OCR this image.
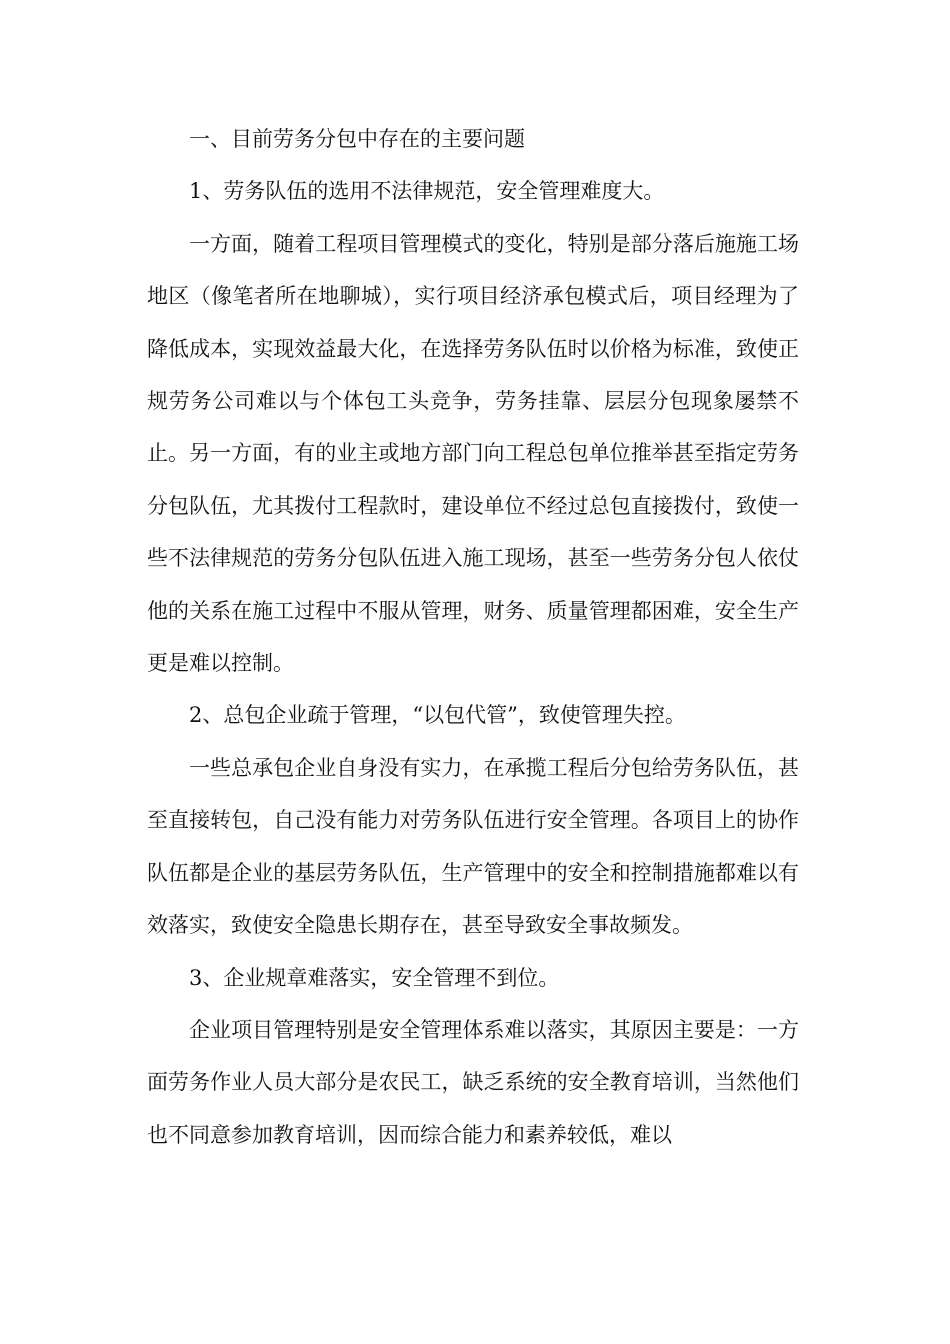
一、目前劳务分包中存在的主要问题

1、劳务队伍的选用不法律规范，安全管理难度大。

一方面，随着工程项目管理模式的变化，特别是部分落后施施工场地区（像笔者所在地聊城），实行项目经济承包模式后，项目经理为了降低成本，实现效益最大化，在选择劳务队伍时以价格为标准，致使正规劳务公司难以与个体包工头竞争，劳务挂靠、层层分包现象屡禁不止。另一方面，有的业主或地方部门向工程总包单位推举甚至指定劳务分包队伍，尤其拨付工程款时，建设单位不经过总包直接拨付，致使一些不法律规范的劳务分包队伍进入施工现场，甚至一些劳务分包人依仗他的关系在施工过程中不服从管理，财务、质量管理都困难，安全生产更是难以控制。

2、总包企业疏于管理，“以包代管”，致使管理失控。

一些总承包企业自身没有实力，在承揽工程后分包给劳务队伍，甚至直接转包，自己没有能力对劳务队伍进行安全管理。各项目上的协作队伍都是企业的基层劳务队伍，生产管理中的安全和控制措施都难以有效落实，致使安全隐患长期存在，甚至导致安全事故频发。

3、企业规章难落实，安全管理不到位。

企业项目管理特别是安全管理体系难以落实，其原因主要是：一方面劳务作业人员大部分是农民工，缺乏系统的安全教育培训，当然他们也不同意参加教育培训，因而综合能力和素养较低，难以
